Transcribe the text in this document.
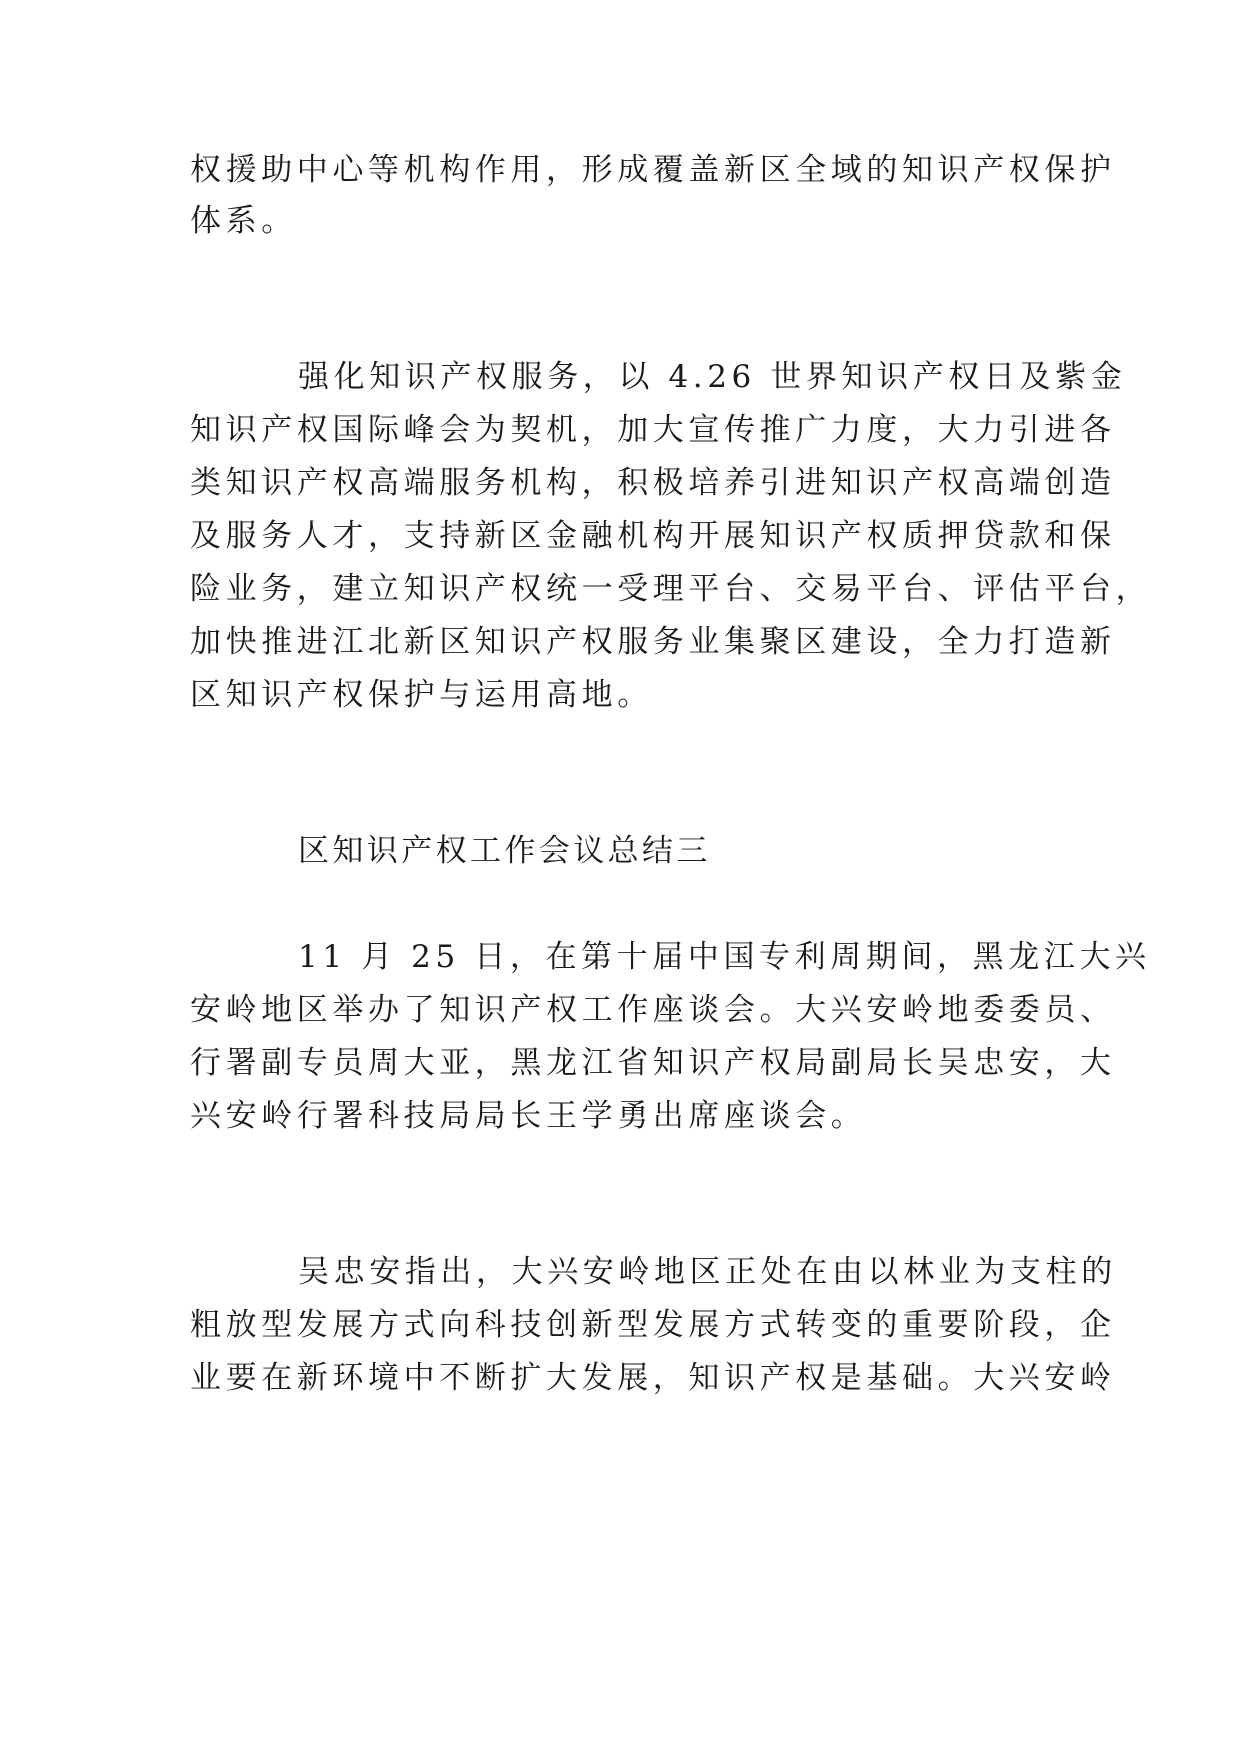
权援助中心等机构作用，形成覆盖新区全域的知识产权保护
体系。
强化知识产权服务，以 4.26 世界知识产权日及紫金
知识产权国际峰会为契机，加大宣传推广力度，大力引进各
类知识产权高端服务机构，积极培养引进知识产权高端创造
及服务人才，支持新区金融机构开展知识产权质押贷款和保
险业务，建立知识产权统一受理平台、交易平台、评估平台，
加快推进江北新区知识产权服务业集聚区建设，全力打造新
区知识产权保护与运用高地。
区知识产权工作会议总结三
11 月 25 日，在第十届中国专利周期间，黑龙江大兴
安岭地区举办了知识产权工作座谈会。大兴安岭地委委员、
行署副专员周大亚，黑龙江省知识产权局副局长吴忠安，大
兴安岭行署科技局局长王学勇出席座谈会。
吴忠安指出，大兴安岭地区正处在由以林业为支柱的
粗放型发展方式向科技创新型发展方式转变的重要阶段，企
业要在新环境中不断扩大发展，知识产权是基础。大兴安岭
